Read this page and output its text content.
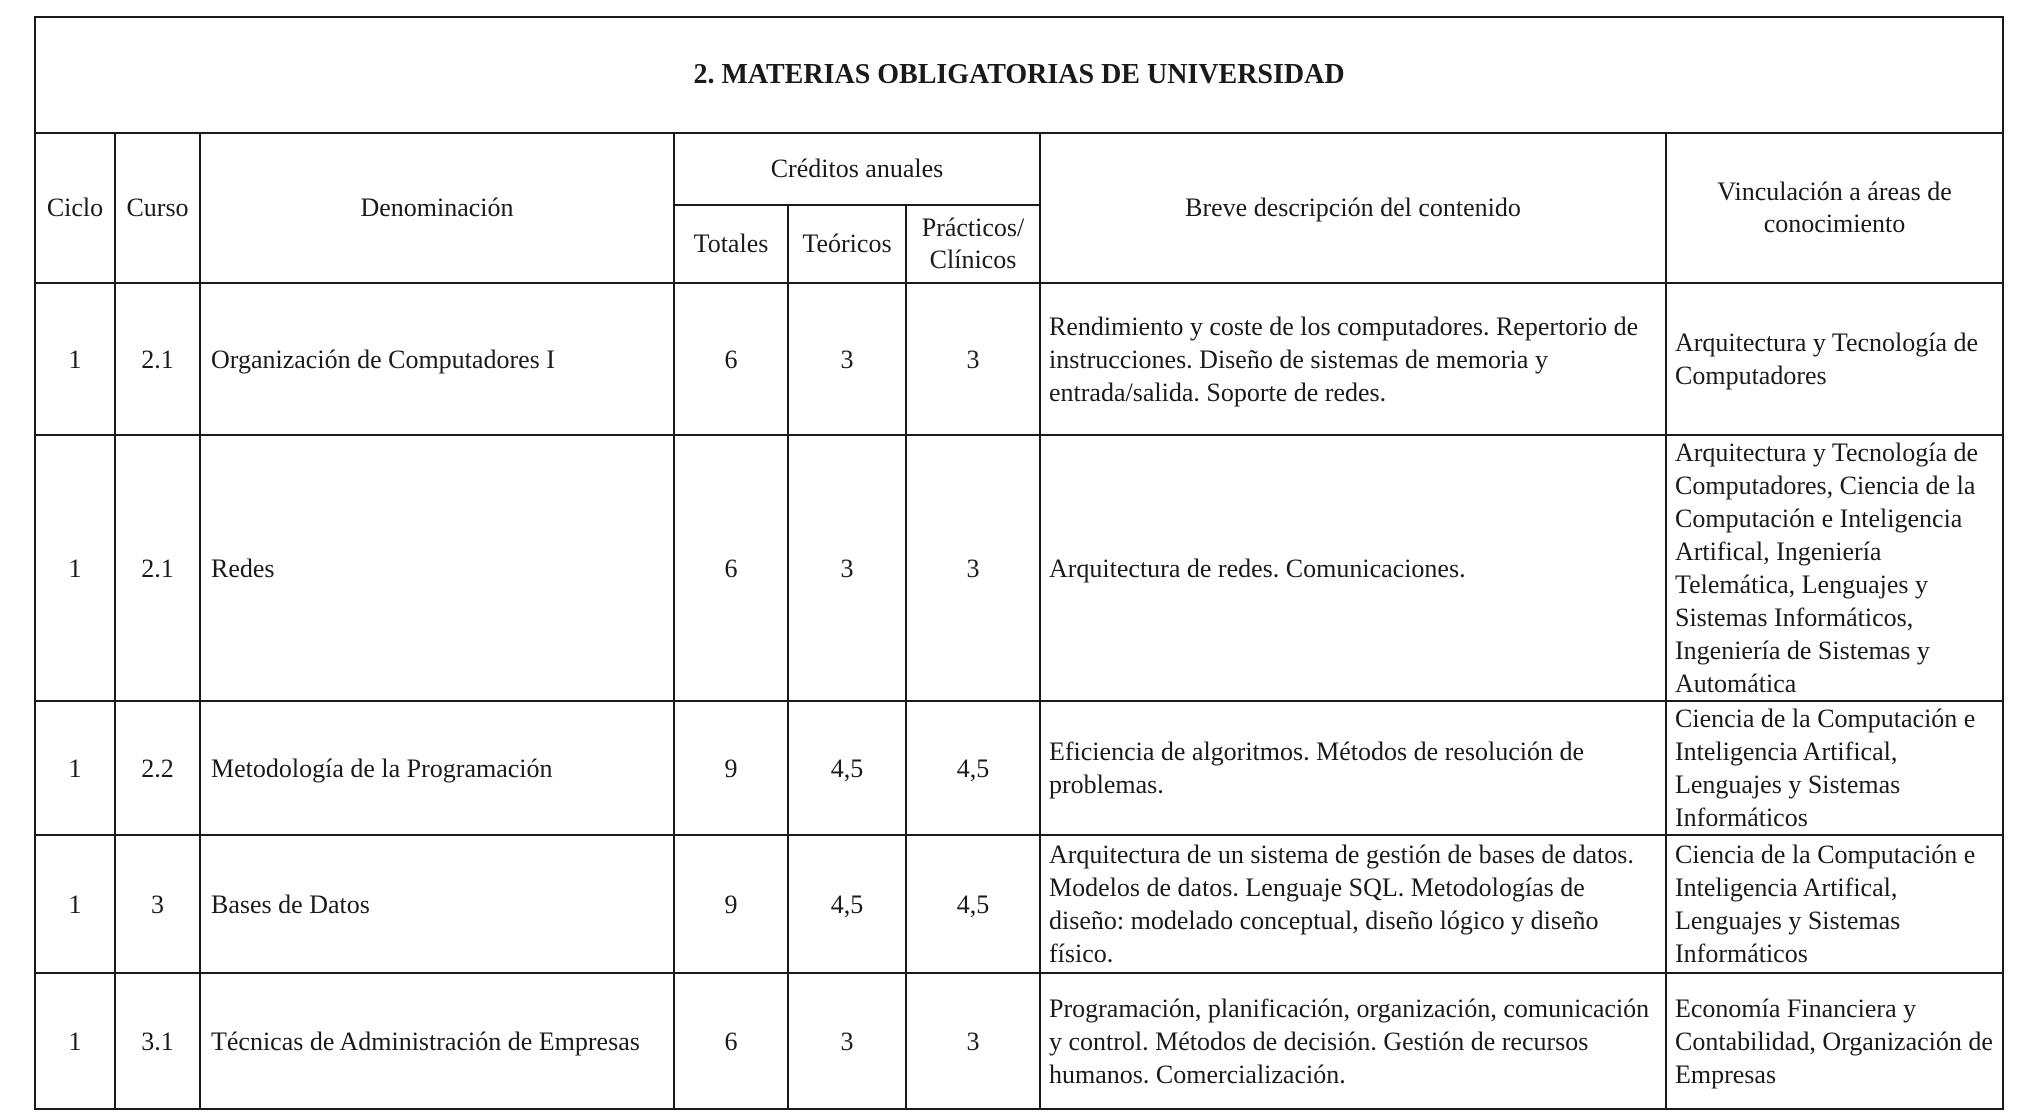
2. MATERIAS OBLIGATORIAS DE UNIVERSIDAD							
Ciclo	Curso	Denominación	Créditos anuales			Breve descripción del contenido	Vinculación a áreas de conocimiento
			Totales	Teóricos	Prácticos/ Clínicos		
1	2.1	Organización de Computadores I	6	3	3	Rendimiento y coste de los computadores. Repertorio de instrucciones. Diseño de sistemas de memoria y entrada/salida. Soporte de redes.	Arquitectura y Tecnología de Computadores
1	2.1	Redes	6	3	3	Arquitectura de redes. Comunicaciones.	Arquitectura y Tecnología de Computadores, Ciencia de la Computación e Inteligencia Artifical, Ingeniería Telemática, Lenguajes y Sistemas Informáticos, Ingeniería de Sistemas y Automática
1	2.2	Metodología de la Programación	9	4,5	4,5	Eficiencia de algoritmos. Métodos de resolución de problemas.	Ciencia de la Computación e Inteligencia Artifical, Lenguajes y Sistemas Informáticos
1	3	Bases de Datos	9	4,5	4,5	Arquitectura de un sistema de gestión de bases de datos. Modelos de datos. Lenguaje SQL. Metodologías de diseño: modelado conceptual, diseño lógico y diseño físico.	Ciencia de la Computación e Inteligencia Artifical, Lenguajes y Sistemas Informáticos
1	3.1	Técnicas de Administración de Empresas	6	3	3	Programación, planificación, organización, comunicación y control. Métodos de decisión. Gestión de recursos humanos. Comercialización.	Economía Financiera y Contabilidad, Organización de Empresas
